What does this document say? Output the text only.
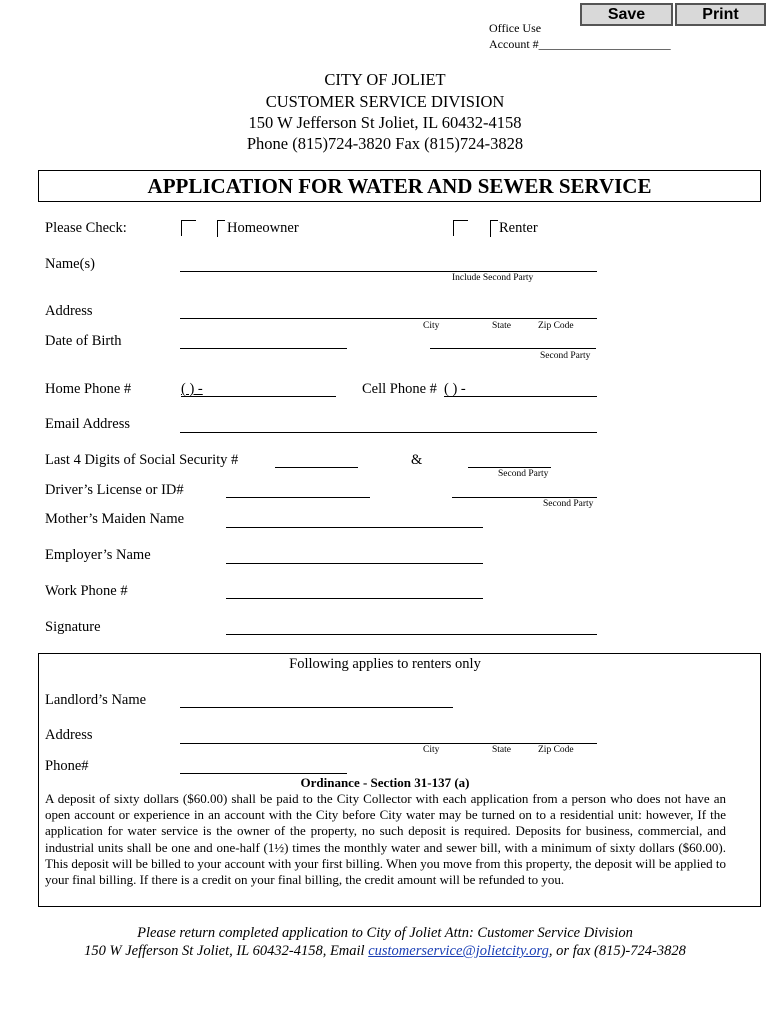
Save	Print
Office Use
Account #______________________
CITY OF JOLIET
CUSTOMER SERVICE DIVISION
150 W Jefferson St Joliet, IL 60432-4158
Phone (815)724-3820 Fax (815)724-3828
APPLICATION FOR WATER AND SEWER SERVICE
Please Check:	Homeowner	Renter
Name(s)
Include Second Party
Address
City	State	Zip Code
Date of Birth
Second Party
Home Phone #	( ) -	Cell Phone # ( ) -
Email Address
Last 4 Digits of Social Security #	&
Second Party
Driver’s License or ID#
Second Party
Mother’s Maiden Name
Employer’s Name
Work Phone #
Signature
Following applies to renters only
Landlord’s Name
Address
City	State	Zip Code
Phone#
Ordinance - Section 31-137 (a)
A deposit of sixty dollars ($60.00) shall be paid to the City Collector with each application from a person who does not have an open account or experience in an account with the City before City water may be turned on to a residential unit: however, If the application for water service is the owner of the property, no such deposit is required. Deposits for business, commercial, and industrial units shall be one and one-half (1½) times the monthly water and sewer bill, with a minimum of sixty dollars ($60.00). This deposit will be billed to your account with your first billing. When you move from this property, the deposit will be applied to your final billing. If there is a credit on your final billing, the credit amount will be refunded to you.
Please return completed application to City of Joliet Attn: Customer Service Division
150 W Jefferson St Joliet, IL 60432-4158, Email customerservice@jolietcity.org, or fax (815)-724-3828
